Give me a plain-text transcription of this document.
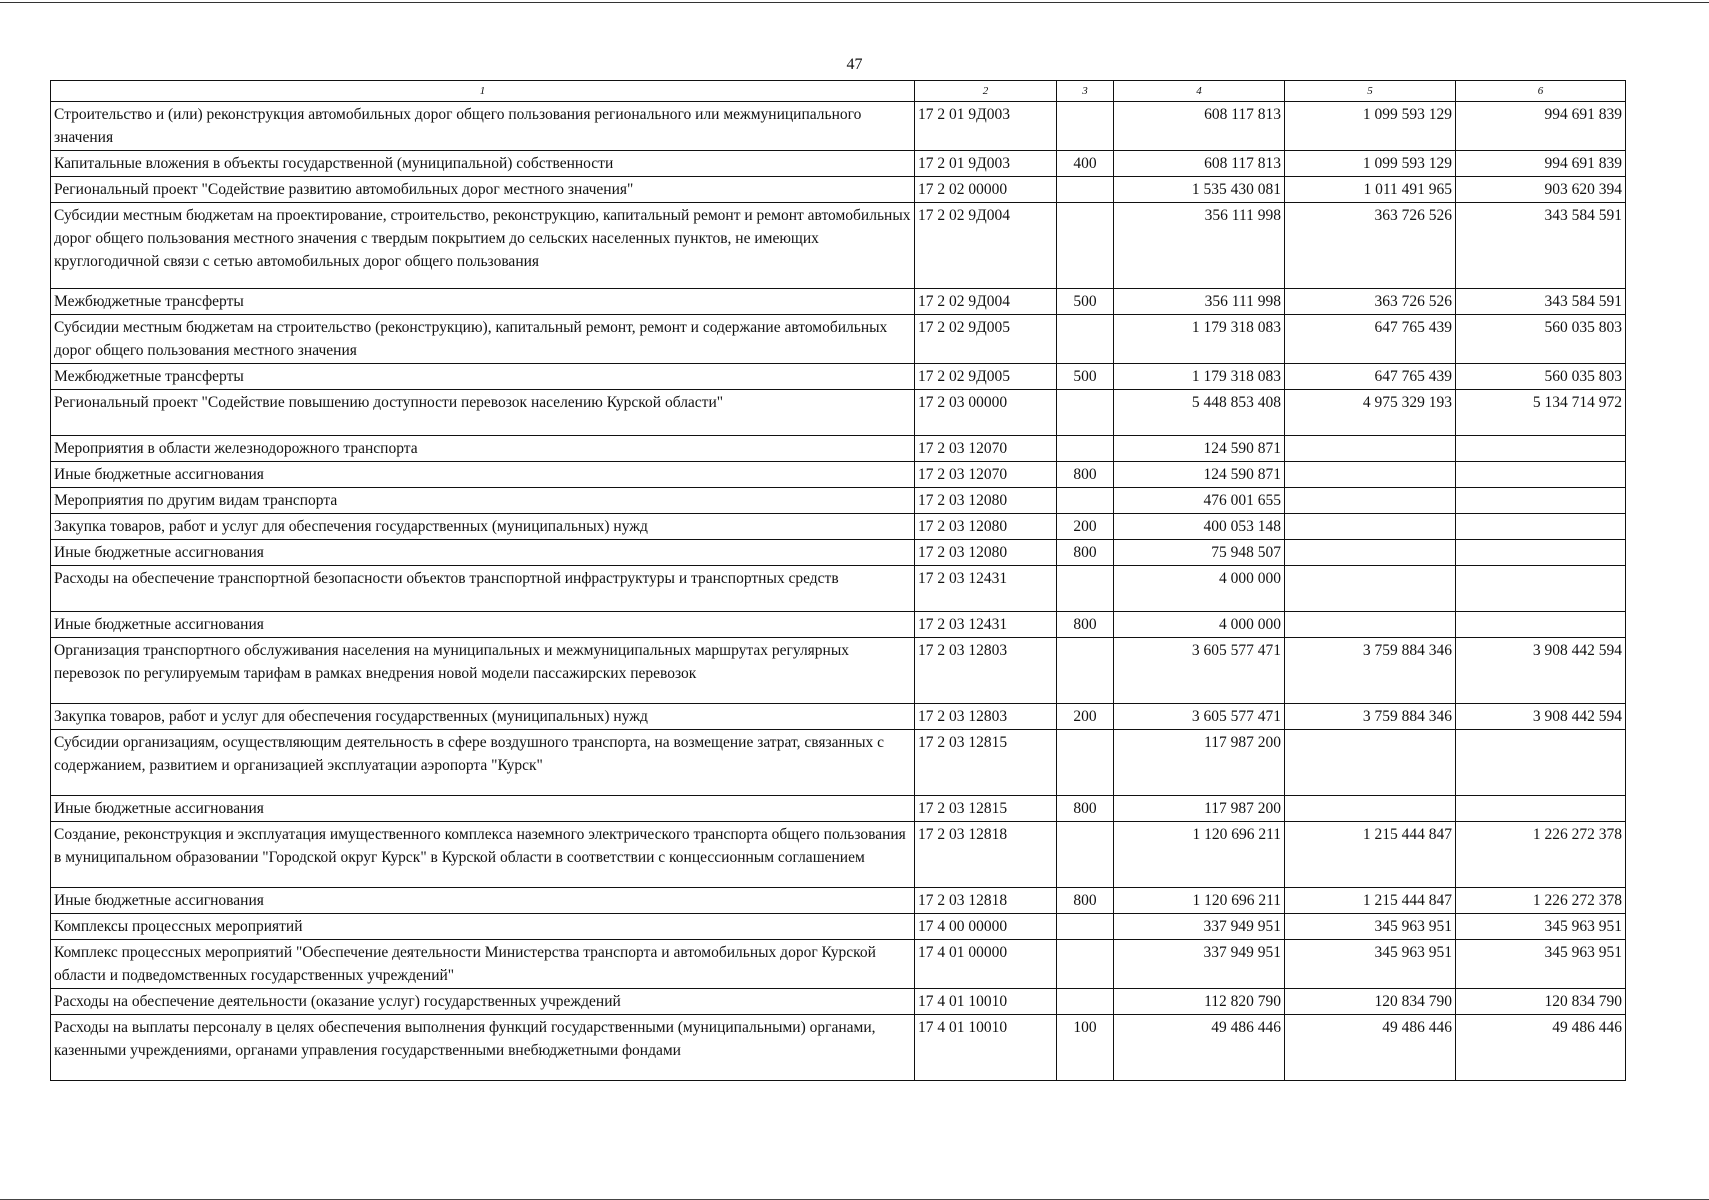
47
1	2	3	4	5	6
Строительство и (или) реконструкция автомобильных дорог общего пользования регионального или межмуниципального значения	17 2 01 9Д003		608 117 813	1 099 593 129	994 691 839
Капитальные вложения в объекты государственной (муниципальной) собственности	17 2 01 9Д003	400	608 117 813	1 099 593 129	994 691 839
Региональный проект "Содействие развитию автомобильных дорог местного значения"	17 2 02 00000		1 535 430 081	1 011 491 965	903 620 394
Субсидии местным бюджетам на проектирование, строительство, реконструкцию, капитальный ремонт и ремонт автомобильных дорог общего пользования местного значения с твердым покрытием до сельских населенных пунктов, не имеющих круглогодичной связи с сетью автомобильных дорог общего пользования	17 2 02 9Д004		356 111 998	363 726 526	343 584 591
Межбюджетные трансферты	17 2 02 9Д004	500	356 111 998	363 726 526	343 584 591
Субсидии местным бюджетам на строительство (реконструкцию), капитальный ремонт, ремонт и содержание автомобильных дорог общего пользования местного значения	17 2 02 9Д005		1 179 318 083	647 765 439	560 035 803
Межбюджетные трансферты	17 2 02 9Д005	500	1 179 318 083	647 765 439	560 035 803
Региональный проект "Содействие повышению доступности перевозок населению Курской области"	17 2 03 00000		5 448 853 408	4 975 329 193	5 134 714 972
Мероприятия в области железнодорожного транспорта	17 2 03 12070		124 590 871		
Иные бюджетные ассигнования	17 2 03 12070	800	124 590 871		
Мероприятия по другим видам транспорта	17 2 03 12080		476 001 655		
Закупка товаров, работ и услуг для обеспечения государственных (муниципальных) нужд	17 2 03 12080	200	400 053 148		
Иные бюджетные ассигнования	17 2 03 12080	800	75 948 507		
Расходы на обеспечение транспортной безопасности объектов транспортной инфраструктуры и транспортных средств	17 2 03 12431		4 000 000		
Иные бюджетные ассигнования	17 2 03 12431	800	4 000 000		
Организация транспортного обслуживания населения на муниципальных и межмуниципальных маршрутах регулярных перевозок по регулируемым тарифам в рамках внедрения новой модели пассажирских перевозок	17 2 03 12803		3 605 577 471	3 759 884 346	3 908 442 594
Закупка товаров, работ и услуг для обеспечения государственных (муниципальных) нужд	17 2 03 12803	200	3 605 577 471	3 759 884 346	3 908 442 594
Субсидии организациям, осуществляющим деятельность в сфере воздушного транспорта, на возмещение затрат, связанных с содержанием, развитием и организацией эксплуатации аэропорта "Курск"	17 2 03 12815		117 987 200		
Иные бюджетные ассигнования	17 2 03 12815	800	117 987 200		
Создание, реконструкция и эксплуатация имущественного комплекса наземного электрического транспорта общего пользования в муниципальном образовании "Городской округ Курск" в Курской области в соответствии с концессионным соглашением	17 2 03 12818		1 120 696 211	1 215 444 847	1 226 272 378
Иные бюджетные ассигнования	17 2 03 12818	800	1 120 696 211	1 215 444 847	1 226 272 378
Комплексы процессных мероприятий	17 4 00 00000		337 949 951	345 963 951	345 963 951
Комплекс процессных мероприятий "Обеспечение деятельности Министерства транспорта и автомобильных дорог Курской области и подведомственных государственных учреждений"	17 4 01 00000		337 949 951	345 963 951	345 963 951
Расходы на обеспечение деятельности (оказание услуг) государственных учреждений	17 4 01 10010		112 820 790	120 834 790	120 834 790
Расходы на выплаты персоналу в целях обеспечения выполнения функций государственными (муниципальными) органами, казенными учреждениями, органами управления государственными внебюджетными фондами	17 4 01 10010	100	49 486 446	49 486 446	49 486 446
